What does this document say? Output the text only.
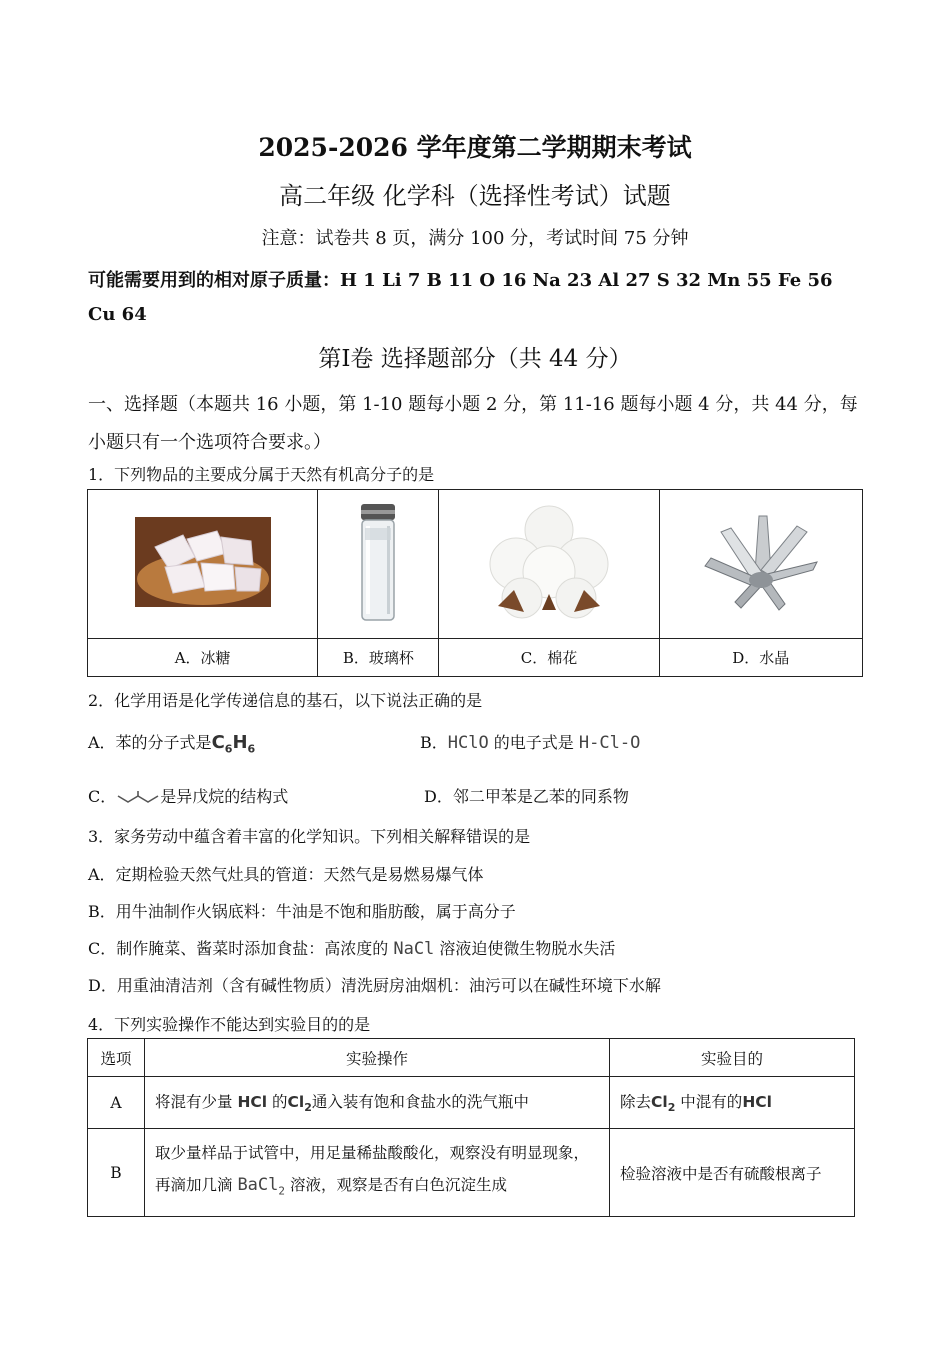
2025-2026 学年度第二学期期末考试
高二年级 化学科（选择性考试）试题
注意：试卷共 8 页，满分 100 分，考试时间 75 分钟
可能需要用到的相对原子质量：H 1 Li 7 B 11 O 16 Na 23 Al 27 S 32 Mn 55 Fe 56
Cu 64
第Ⅰ卷 选择题部分（共 44 分）
一、选择题（本题共 16 小题，第 1-10 题每小题 2 分，第 11-16 题每小题 4 分，共 44 分，每
小题只有一个选项符合要求。）
1．下列物品的主要成分属于天然有机高分子的是

A．冰糖	B．玻璃杯	C．棉花	D．水晶
2．化学用语是化学传递信息的基石，以下说法正确的是
A．苯的分子式是$C_6H_6$	B．HClO 的电子式是 H-Cl-O
C．	是异戊烷的结构式	D．邻二甲苯是乙苯的同系物
3．家务劳动中蕴含着丰富的化学知识。下列相关解释错误的是
A．定期检验天然气灶具的管道：天然气是易燃易爆气体
B．用牛油制作火锅底料：牛油是不饱和脂肪酸，属于高分子
C．制作腌菜、酱菜时添加食盐：高浓度的 NaCl 溶液迫使微生物脱水失活
D．用重油清洁剂（含有碱性物质）清洗厨房油烟机：油污可以在碱性环境下水解
4．下列实验操作不能达到实验目的的是
选项	实验操作	实验目的
A	将混有少量 HCl 的$Cl_2$通入装有饱和食盐水的洗气瓶中	除去$Cl_2$ 中混有的HCl
B	取少量样品于试管中，用足量稀盐酸酸化，观察没有明显现象，
再滴加几滴 BaCl$_2$ 溶液，观察是否有白色沉淀生成	检验溶液中是否有硫酸根离子
